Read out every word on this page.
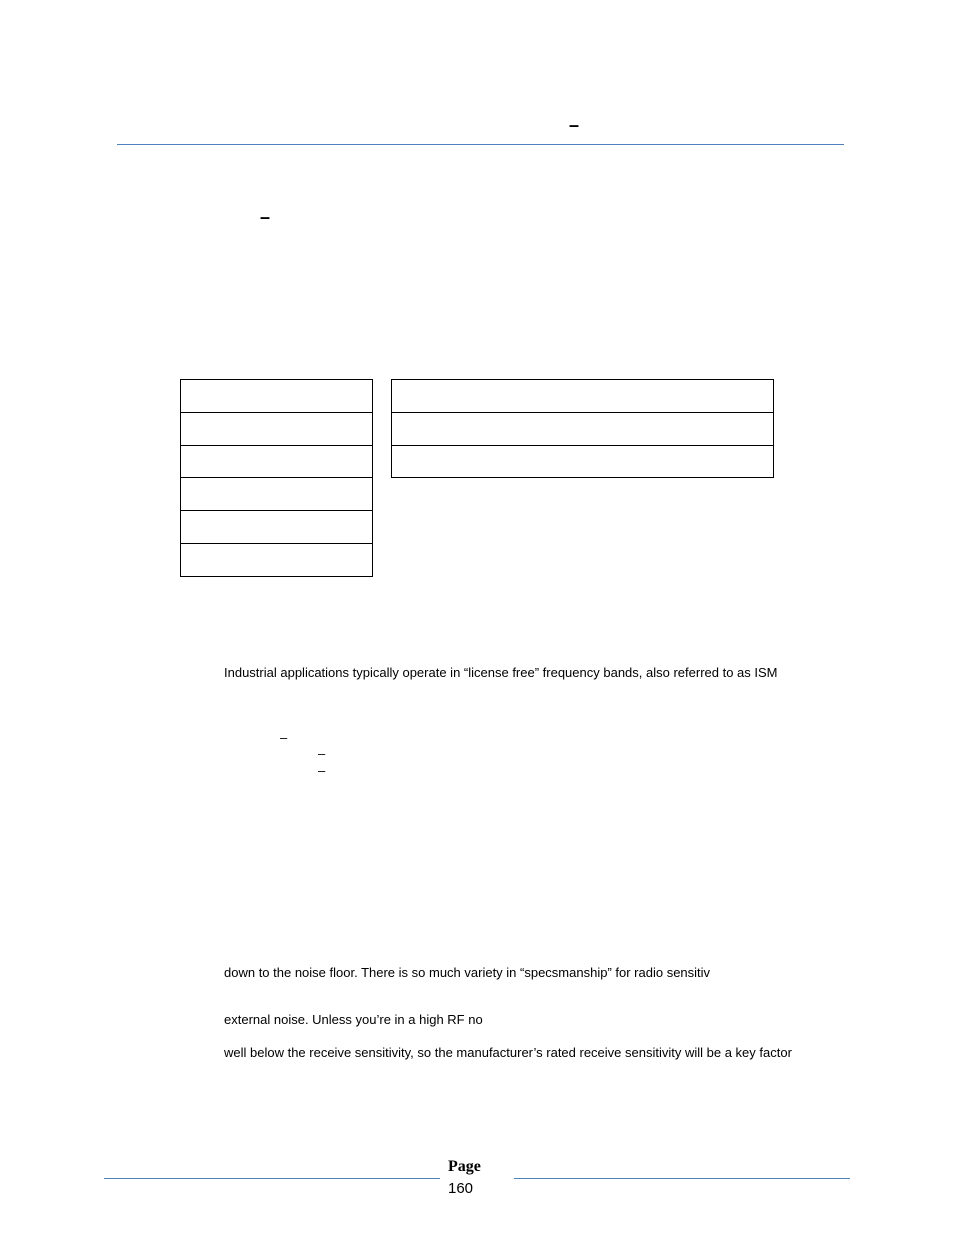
–
–

Industrial applications typically operate in “license free” frequency bands, also referred to as ISM
–
–
–
down to the noise floor. There is so much variety in “specsmanship” for radio sensitiv
external noise. Unless you’re in a high RF no
well below the receive sensitivity, so the manufacturer’s rated receive sensitivity will be a key factor
Page
160
